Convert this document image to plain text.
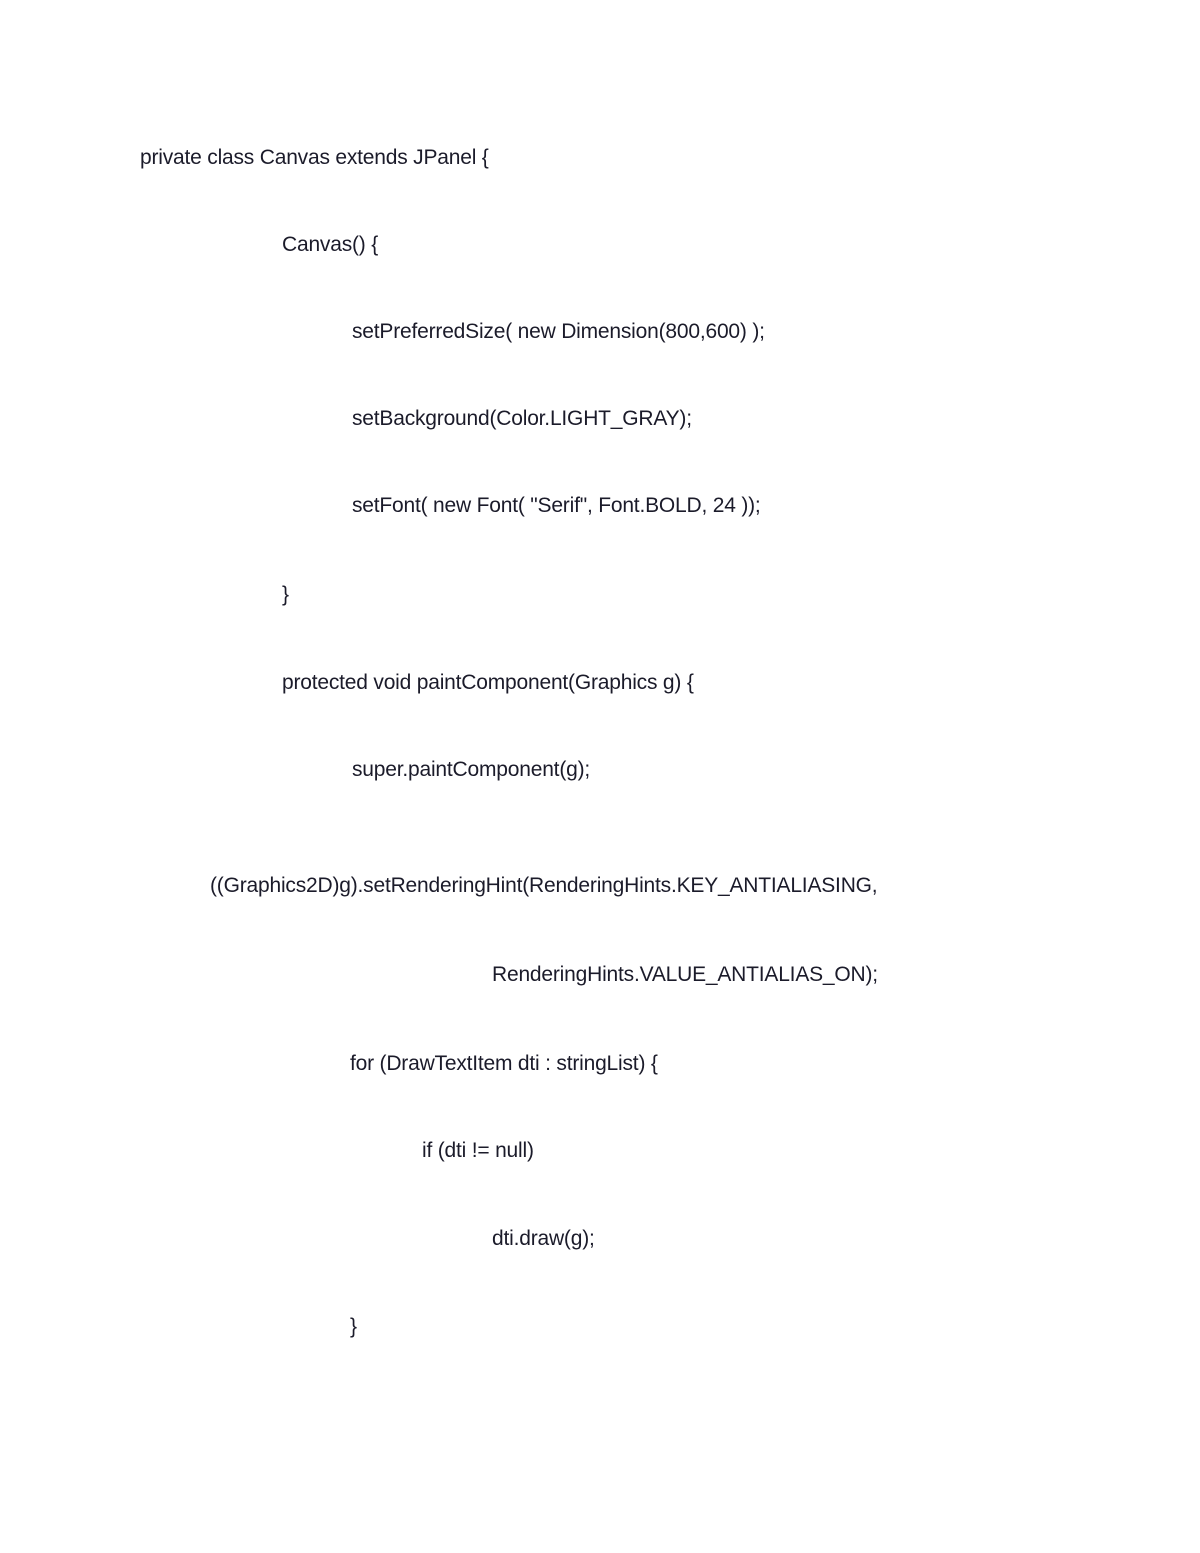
private class Canvas extends JPanel {
Canvas() {
setPreferredSize( new Dimension(800,600) );
setBackground(Color.LIGHT_GRAY);
setFont( new Font( "Serif", Font.BOLD, 24 ));
}
protected void paintComponent(Graphics g) {
super.paintComponent(g);
((Graphics2D)g).setRenderingHint(RenderingHints.KEY_ANTIALIASING,
RenderingHints.VALUE_ANTIALIAS_ON);
for (DrawTextItem dti : stringList) {
if (dti != null)
dti.draw(g);
}
